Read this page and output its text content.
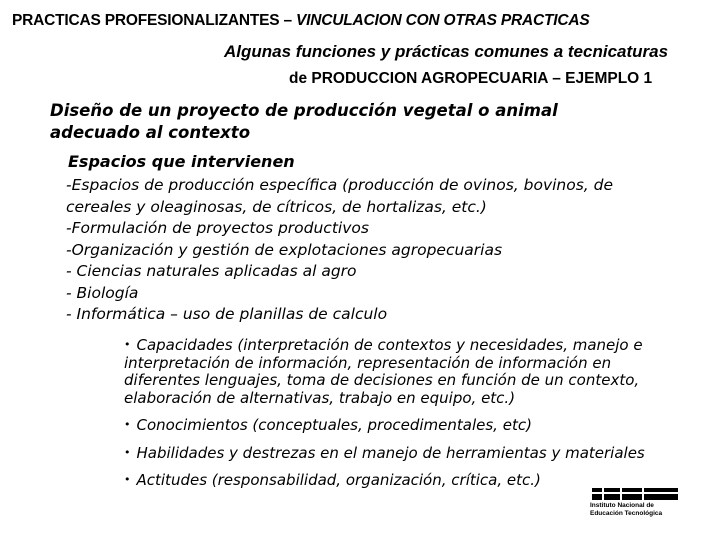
PRACTICAS PROFESIONALIZANTES – VINCULACION CON OTRAS PRACTICAS
Algunas funciones y prácticas comunes a tecnicaturas
de PRODUCCION AGROPECUARIA – EJEMPLO 1
Diseño de un proyecto de producción vegetal o animal adecuado al contexto
Espacios que intervienen
-Espacios de producción específica (producción de ovinos, bovinos, de cereales y oleaginosas, de cítricos, de hortalizas, etc.)
-Formulación de proyectos productivos
-Organización y gestión de explotaciones agropecuarias
- Ciencias naturales aplicadas al agro
- Biología
- Informática – uso de planillas de calculo
• Capacidades (interpretación de contextos y necesidades, manejo e interpretación de información, representación de información en diferentes lenguajes, toma de decisiones en función de un contexto, elaboración de alternativas, trabajo en equipo, etc.)
• Conocimientos (conceptuales, procedimentales, etc)
• Habilidades y destrezas en el manejo de herramientas y materiales
• Actitudes (responsabilidad, organización, crítica, etc.)
Instituto Nacional de
Educación Tecnológica
